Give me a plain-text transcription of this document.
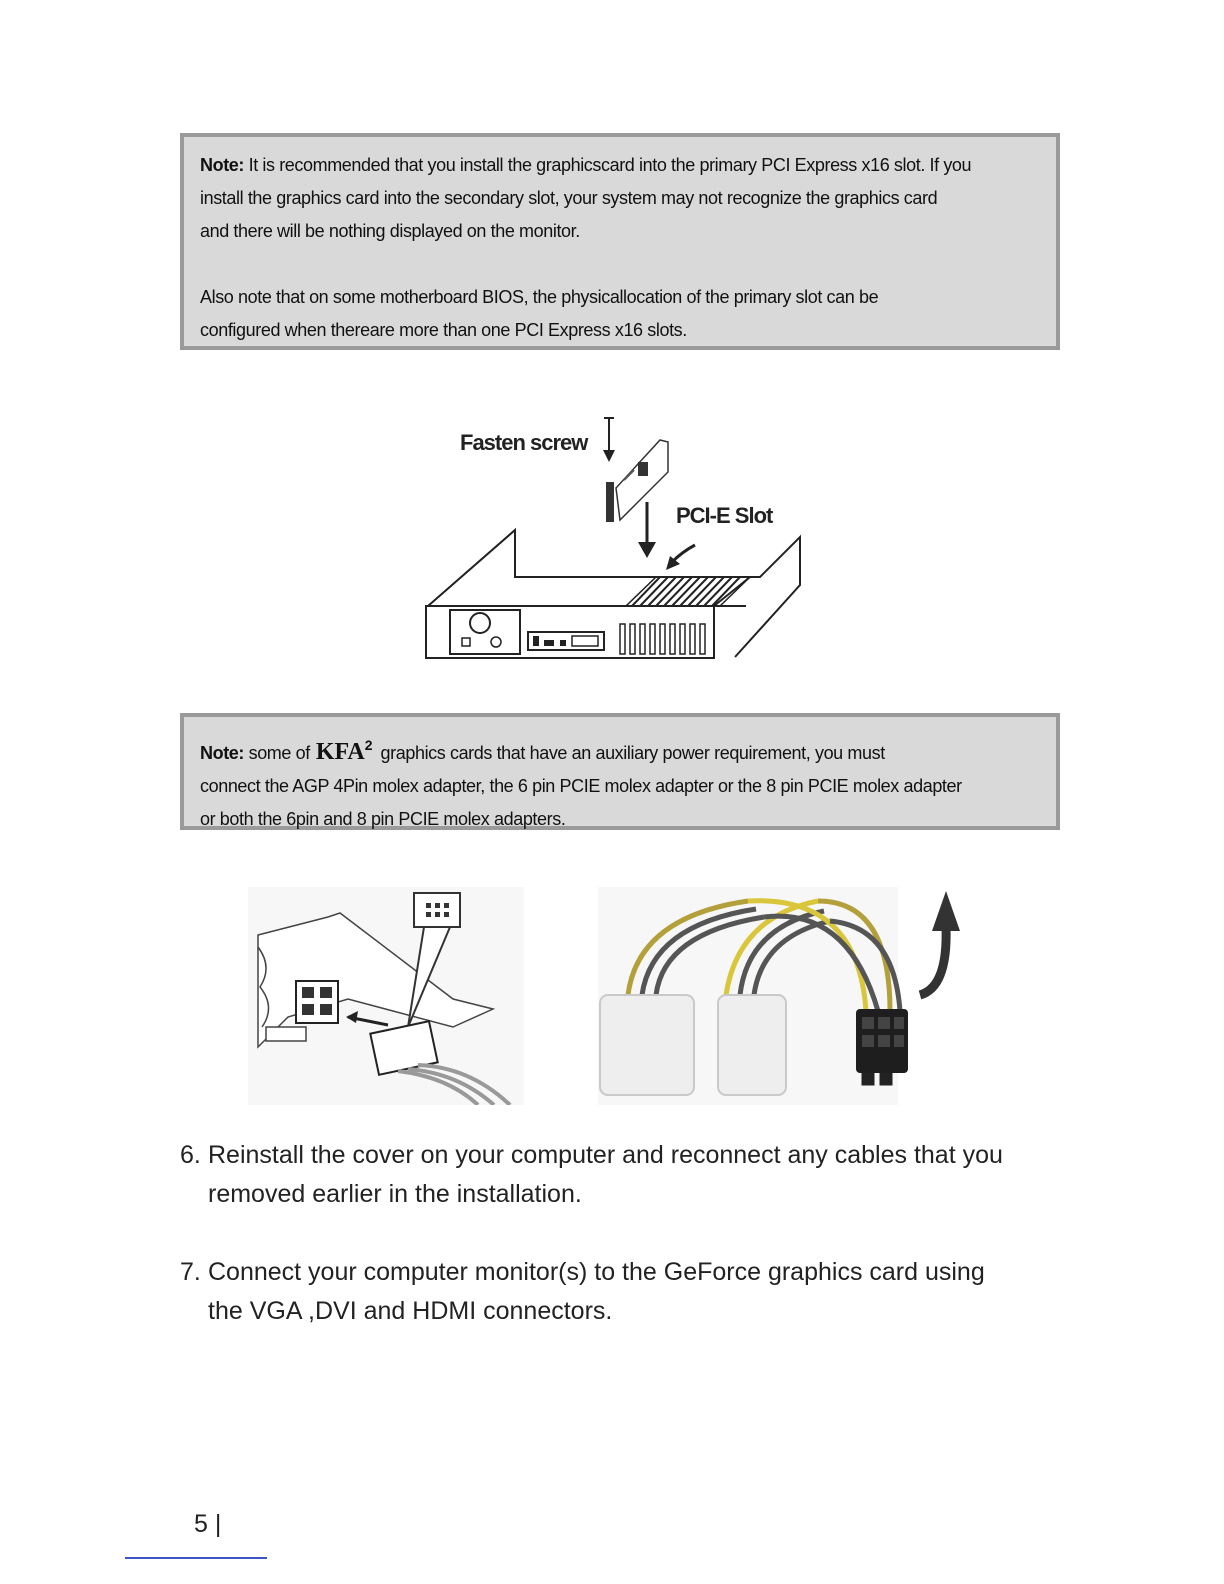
Note: It is recommended that you install the graphicscard into the primary PCI Express x16 slot. If you

install the graphics card into the secondary slot, your system may not recognize the graphics card

and there will be nothing displayed on the monitor.

Also note that on some motherboard BIOS, the physicallocation of the primary slot can be

configured when thereare more than one PCI Express x16 slots.

Fasten screw
PCI-E Slot

Note: some of KFA$^2$ graphics cards that have an auxiliary power requirement, you must

connect the AGP 4Pin molex adapter, the 6 pin PCIE molex adapter or the 8 pin PCIE molex adapter

or both the 6pin and 8 pin PCIE molex adapters.

6. Reinstall the cover on your computer and reconnect any cables that you
removed earlier in the installation.
7. Connect your computer monitor(s) to the GeForce graphics card using
the VGA ,DVI and HDMI connectors.
5 |
